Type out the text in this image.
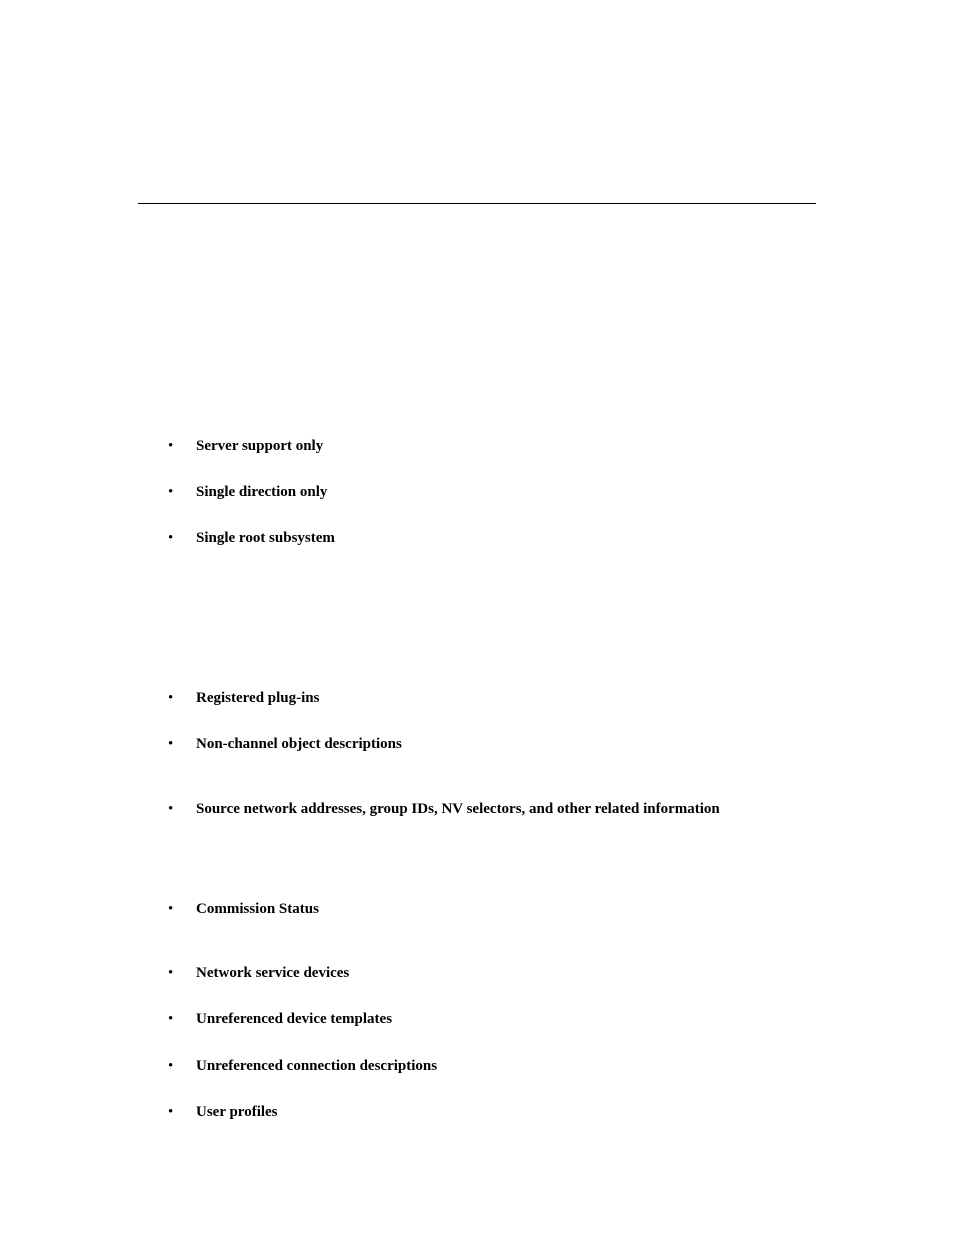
•	Server support only
•	Single direction only
•	Single root subsystem
•	Registered plug-ins
•	Non-channel object descriptions
•	Source network addresses, group IDs, NV selectors, and other related information
•	Commission Status
•	Network service devices
•	Unreferenced device templates
•	Unreferenced connection descriptions
•	User profiles
